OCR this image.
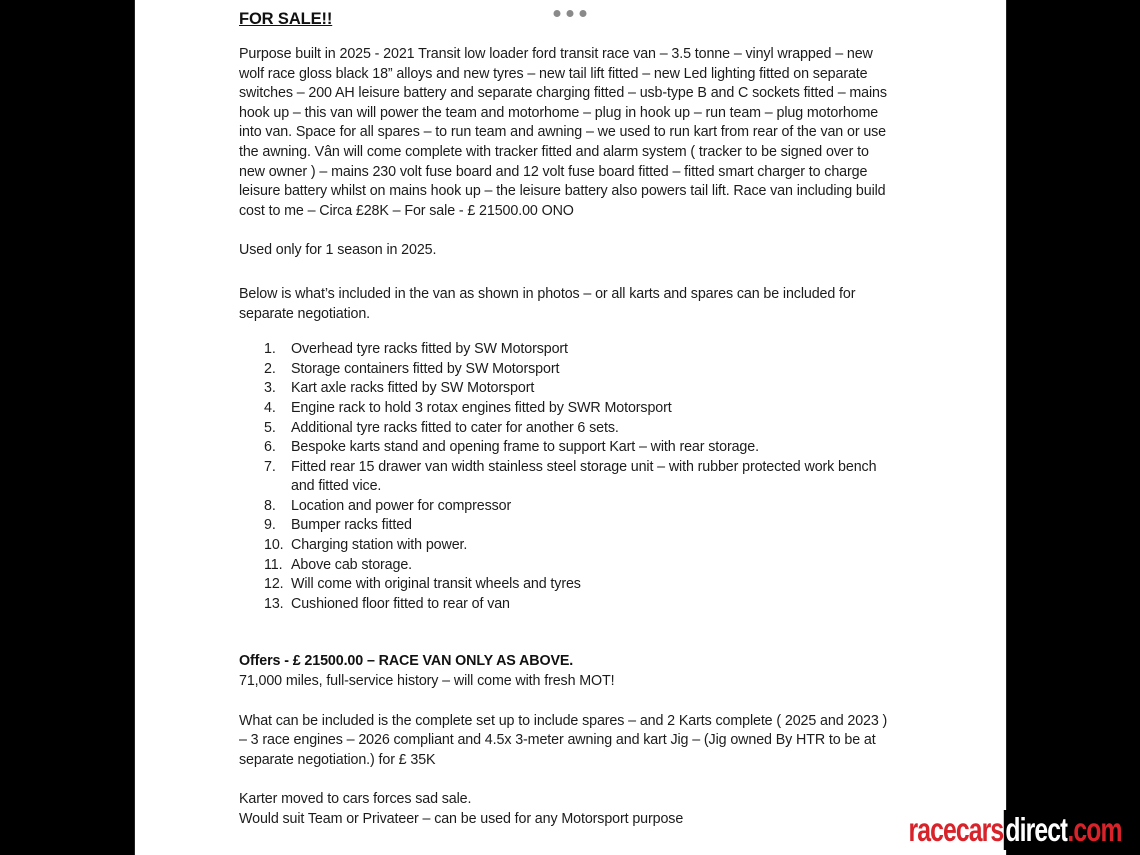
FOR SALE!!

Purpose built in 2025 - 2021 Transit low loader ford transit race van – 3.5 tonne – vinyl wrapped – new wolf race gloss black 18” alloys and new tyres – new tail lift fitted – new Led lighting fitted on separate switches – 200 AH leisure battery and separate charging fitted – usb-type B and C sockets fitted – mains hook up – this van will power the team and motorhome – plug in hook up – run team – plug motorhome into van. Space for all spares – to run team and awning – we used to run kart from rear of the van or use the awning. Vân will come complete with tracker fitted and alarm system ( tracker to be signed over to new owner ) – mains 230 volt fuse board and 12 volt fuse board fitted – fitted smart charger to charge leisure battery whilst on mains hook up – the leisure battery also powers tail lift. Race van including build cost to me – Circa £28K – For sale - £ 21500.00 ONO

Used only for 1 season in 2025.

Below is what’s included in the van as shown in photos – or all karts and spares can be included for separate negotiation.

1.	Overhead tyre racks fitted by SW Motorsport
2.	Storage containers fitted by SW Motorsport
3.	Kart axle racks fitted by SW Motorsport
4.	Engine rack to hold 3 rotax engines fitted by SWR Motorsport
5.	Additional tyre racks fitted to cater for another 6 sets.
6.	Bespoke karts stand and opening frame to support Kart – with rear storage.
7.	Fitted rear 15 drawer van width stainless steel storage unit – with rubber protected work bench and fitted vice.
8.	Location and power for compressor
9.	Bumper racks fitted
10. Charging station with power.
11. Above cab storage.
12. Will come with original transit wheels and tyres
13. Cushioned floor fitted to rear of van

Offers - £ 21500.00 – RACE VAN ONLY AS ABOVE.
71,000 miles, full-service history – will come with fresh MOT!

What can be included is the complete set up to include spares – and 2 Karts complete ( 2025 and 2023 ) – 3 race engines – 2026 compliant and 4.5x 3-meter awning and kart Jig – (Jig owned By HTR to be at separate negotiation.) for £ 35K

Karter moved to cars forces sad sale.
Would suit Team or Privateer – can be used for any Motorsport purpose	racecars direct .com
